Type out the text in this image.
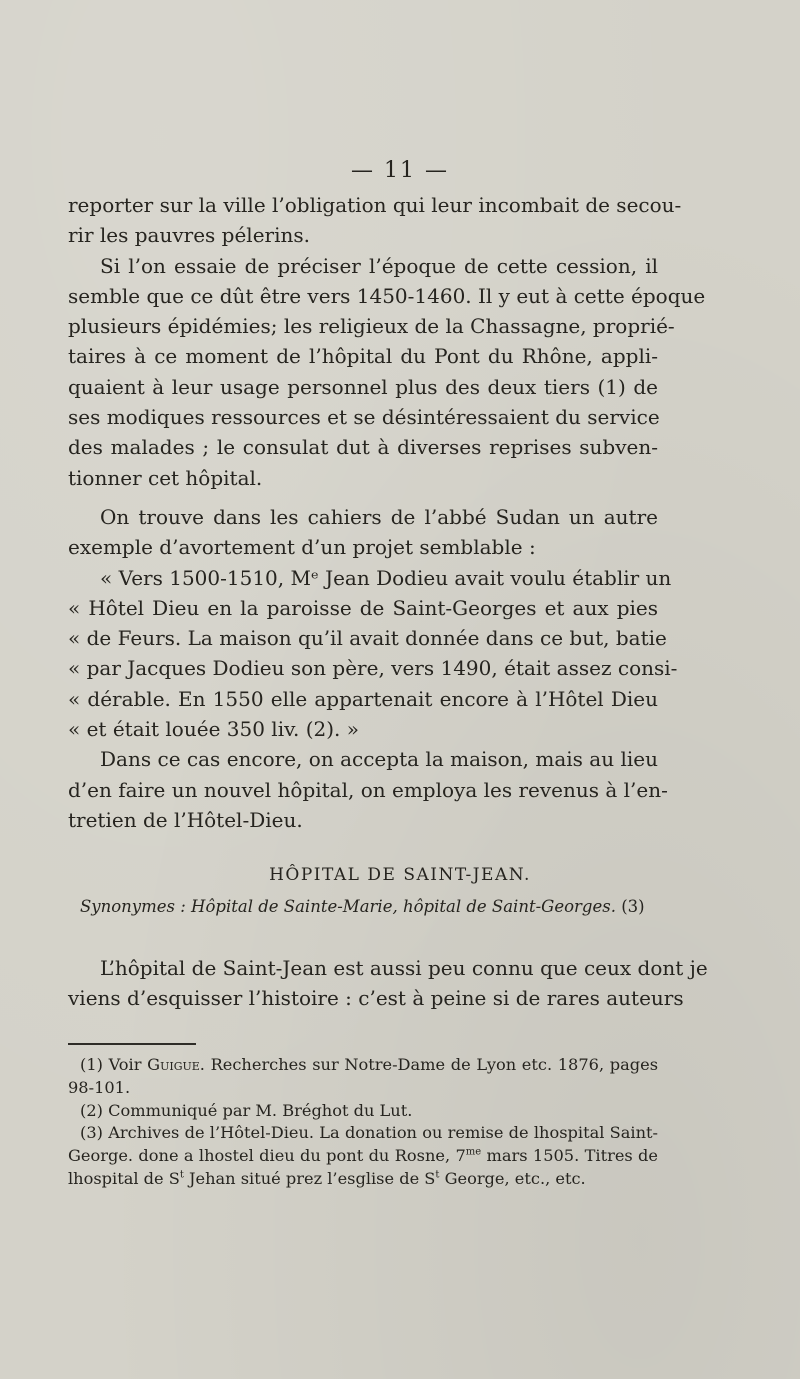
— 11 —
reporter sur la ville l’obligation qui leur incombait de secou-
rir les pauvres pélerins.
Si l’on essaie de préciser l’époque de cette cession, il
semble que ce dût être vers 1450-1460. Il y eut à cette époque
plusieurs épidémies; les religieux de la Chassagne, proprié-
taires à ce moment de l’hôpital du Pont du Rhône, appli-
quaient à leur usage personnel plus des deux tiers (1) de
ses modiques ressources et se désintéressaient du service
des malades ; le consulat dut à diverses reprises subven-
tionner cet hôpital.
On trouve dans les cahiers de l’abbé Sudan un autre
exemple d’avortement d’un projet semblable :
« Vers 1500-1510, Mᵉ Jean Dodieu avait voulu établir un
« Hôtel Dieu en la paroisse de Saint-Georges et aux pies
« de Feurs. La maison qu’il avait donnée dans ce but, batie
« par Jacques Dodieu son père, vers 1490, était assez consi-
« dérable. En 1550 elle appartenait encore à l’Hôtel Dieu
« et était louée 350 liv. (2). »
Dans ce cas encore, on accepta la maison, mais au lieu
d’en faire un nouvel hôpital, on employa les revenus à l’en-
tretien de l’Hôtel-Dieu.
HÔPITAL DE SAINT-JEAN.
Synonymes : Hôpital de Sainte-Marie, hôpital de Saint-Georges. (3)
L’hôpital de Saint-Jean est aussi peu connu que ceux dont je
viens d’esquisser l’histoire : c’est à peine si de rares auteurs
(1) Voir Guigue. Recherches sur Notre-Dame de Lyon etc. 1876, pages
98-101.
(2) Communiqué par M. Bréghot du Lut.
(3) Archives de l’Hôtel-Dieu. La donation ou remise de lhospital Saint-
George. done a lhostel dieu du pont du Rosne, $7^{me}$ mars 1505. Titres de
lhospital de $S^t$ Jehan situé prez l’esglise de $S^t$ George, etc., etc.
